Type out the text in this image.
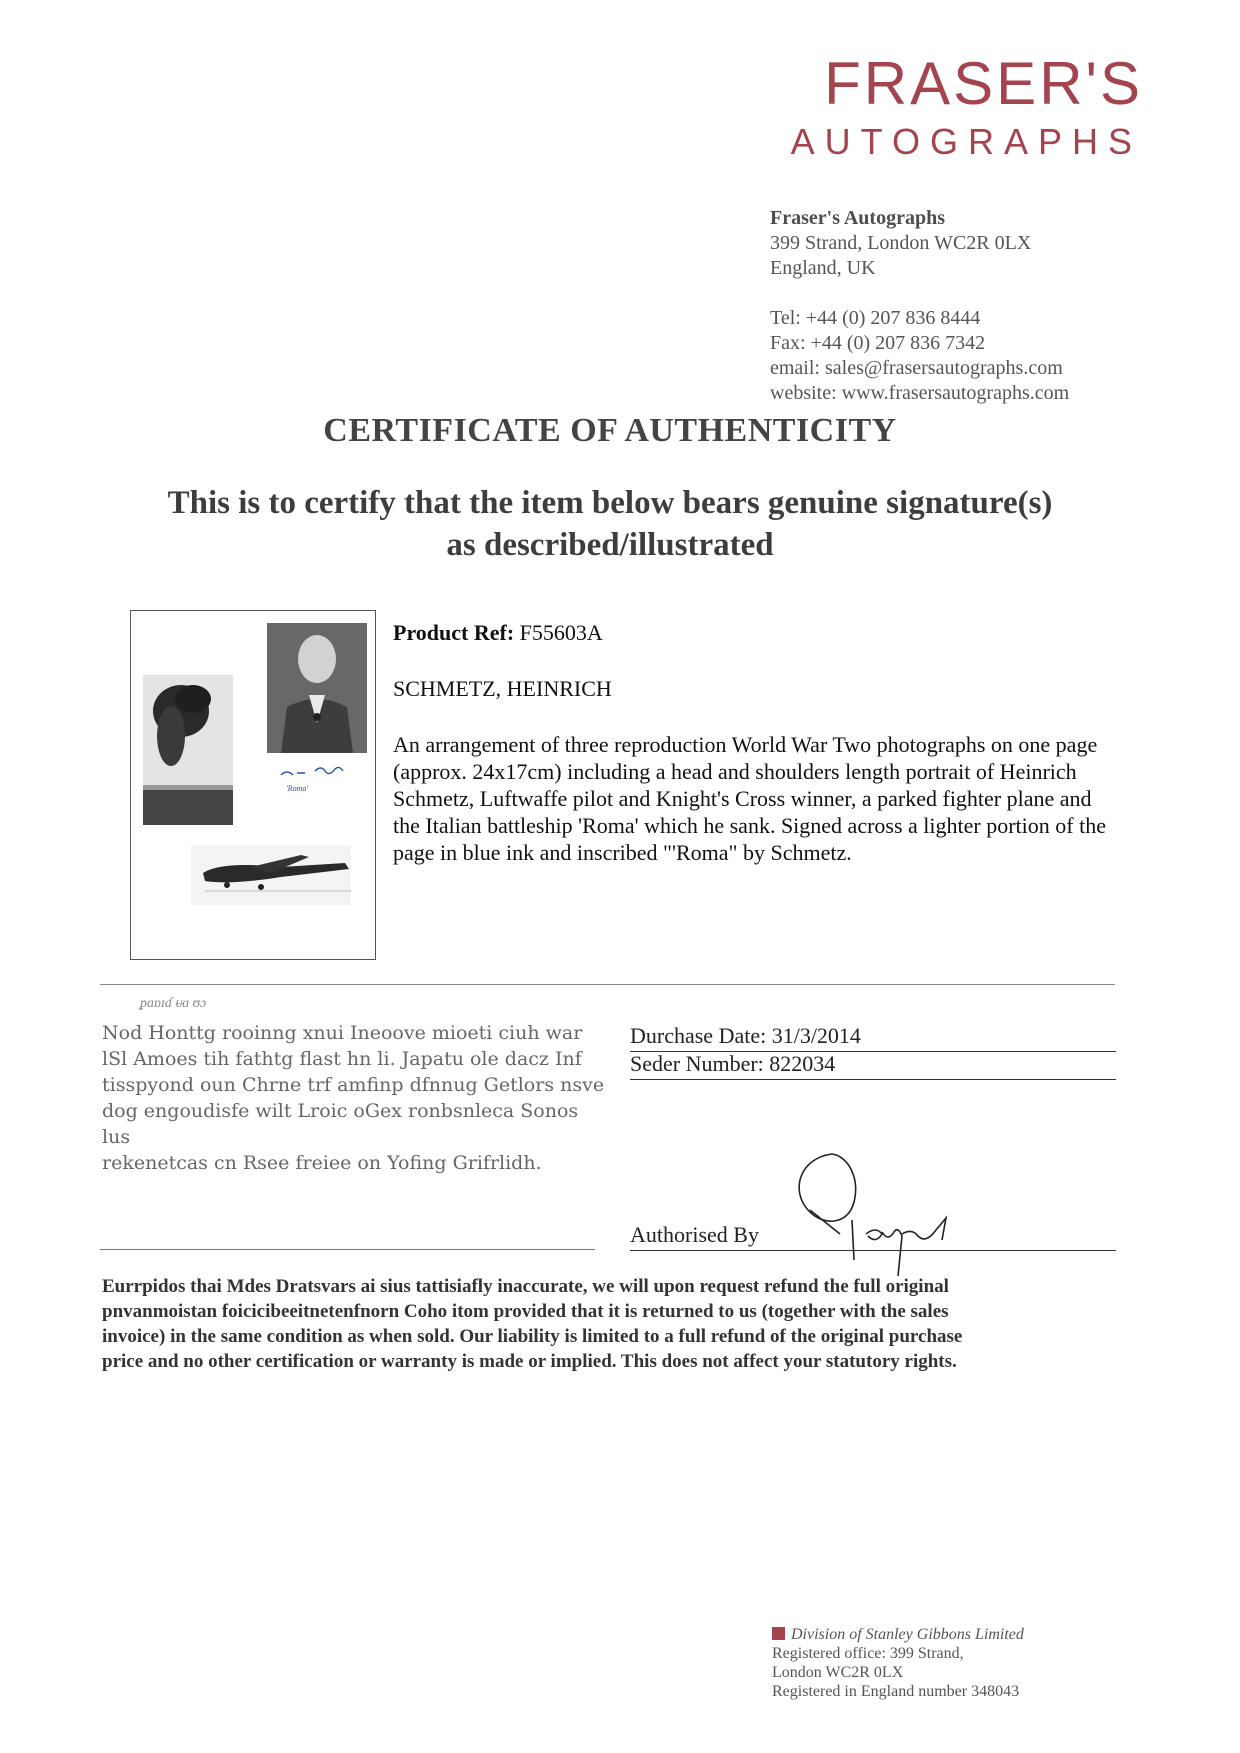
FRASER'S
AUTOGRAPHS
Fraser's Autographs
399 Strand, London WC2R 0LX
England, UK
Tel: +44 (0) 207 836 8444
Fax: +44 (0) 207 836 7342
email: sales@frasersautographs.com
website: www.frasersautographs.com
CERTIFICATE OF AUTHENTICITY
This is to certify that the item below bears genuine signature(s)
as described/illustrated
'Roma'
Product Ref: F55603A
SCHMETZ, HEINRICH
An arrangement of three reproduction World War Two photographs on one page (approx. 24x17cm) including a head and shoulders length portrait of Heinrich Schmetz, Luftwaffe pilot and Knight's Cross winner, a parked fighter plane and the Italian battleship 'Roma' which he sank. Signed across a lighter portion of the page in blue ink and inscribed "'Roma" by Schmetz.
ᵱɑɒɪɗ ᵾɑ ʊɔ
Nod Honttg rooinng xnui Ineoove mioeti ciuh war
lSl Amoes tih fathtg flast hn li. Japatu ole dacz Inf
tisspyond oun Chrne trf amfinp dfnnug Getlors nsve
dog engoudisfe wilt Lroic oGex ronbsnleca Sonos lus
rekenetcas cn Rsee freiee on Yofing Grifrlidh.
Durchase Date: 31/3/2014
Seder Number: 822034
Authorised By
Eurrpidos thai Mdes Dratsvars ai sius tattisiafly inaccurate, we will upon request refund the full original
pnvanmoistan foicicibeeitnetenfnorn Coho itom provided that it is returned to us (together with the sales
invoice) in the same condition as when sold. Our liability is limited to a full refund of the original purchase
price and no other certification or warranty is made or implied. This does not affect your statutory rights.
Division of Stanley Gibbons Limited
Registered office: 399 Strand,
London WC2R 0LX
Registered in England number 348043
